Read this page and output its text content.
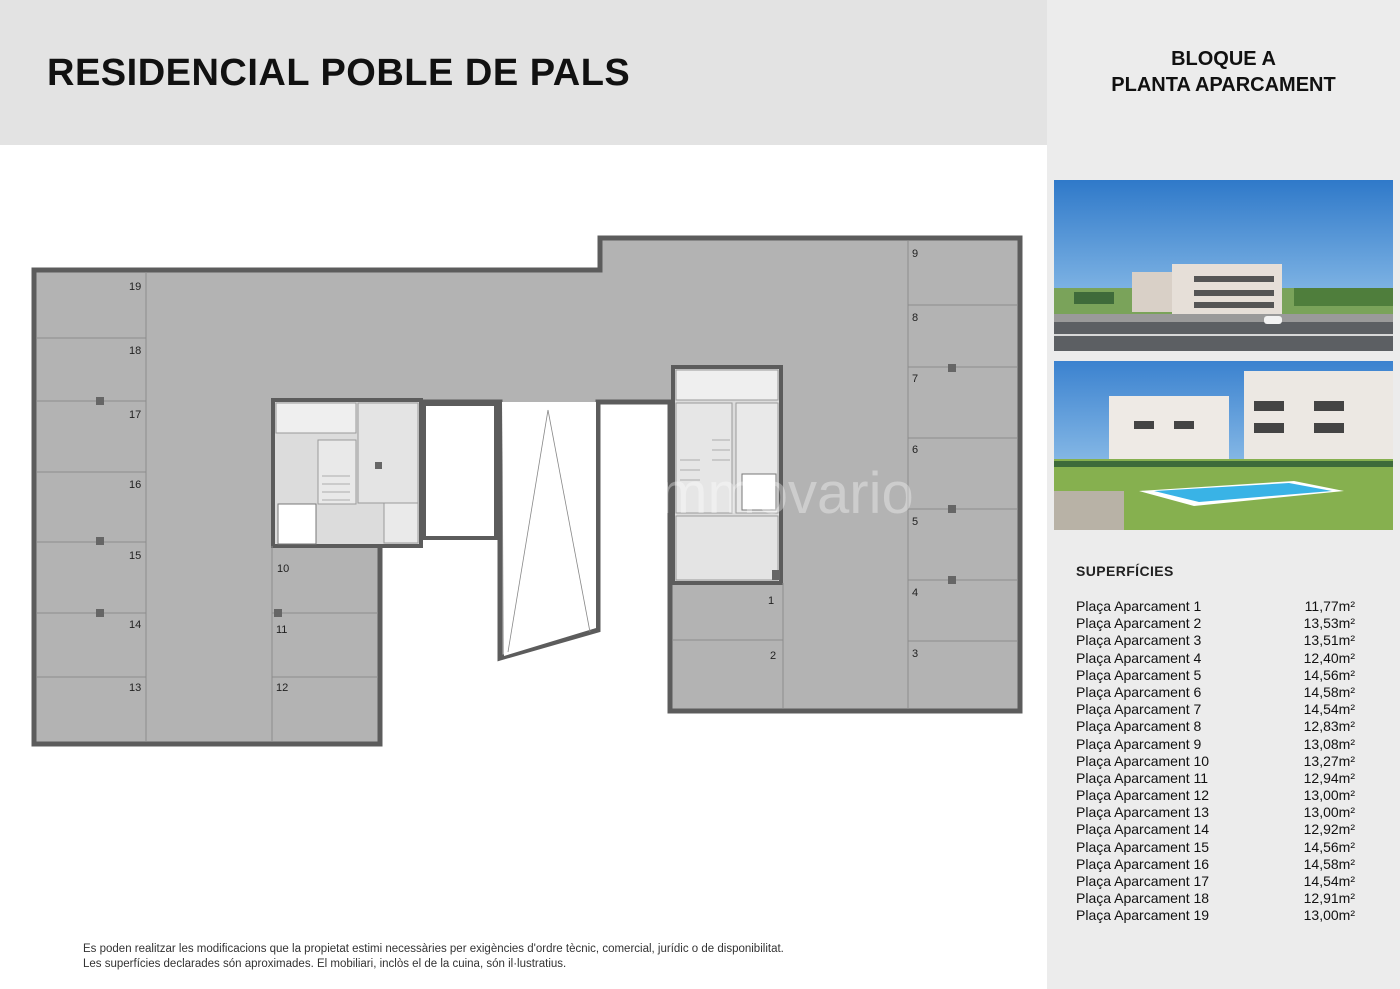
RESIDENCIAL POBLE DE PALS	BLOQUE A
PLANTA APARCAMENT
SUPERFÍCIES
Plaça Aparcament 1	11,77m²
Plaça Aparcament 2	13,53m²
Plaça Aparcament 3	13,51m²
Plaça Aparcament 4	12,40m²
Plaça Aparcament 5	14,56m²
Plaça Aparcament 6	14,58m²
Plaça Aparcament 7	14,54m²
Plaça Aparcament 8	12,83m²
Plaça Aparcament 9	13,08m²
Plaça Aparcament 10	13,27m²
Plaça Aparcament 11	12,94m²
Plaça Aparcament 12	13,00m²
Plaça Aparcament 13	13,00m²
Plaça Aparcament 14	12,92m²
Plaça Aparcament 15	14,56m²
Plaça Aparcament 16	14,58m²
Plaça Aparcament 17	14,54m²
Plaça Aparcament 18	12,91m²
Plaça Aparcament 19	13,00m²
1
2	3
4
5
6
7
8
9
10
11
12
13
14
15
16
17
18
19
immovario
Es poden realitzar les modificacions que la propietat estimi necessàries per exigències d'ordre tècnic, comercial, jurídic o de disponibilitat.
Les superfícies declarades són aproximades. El mobiliari, inclòs el de la cuina, són il·lustratius.
